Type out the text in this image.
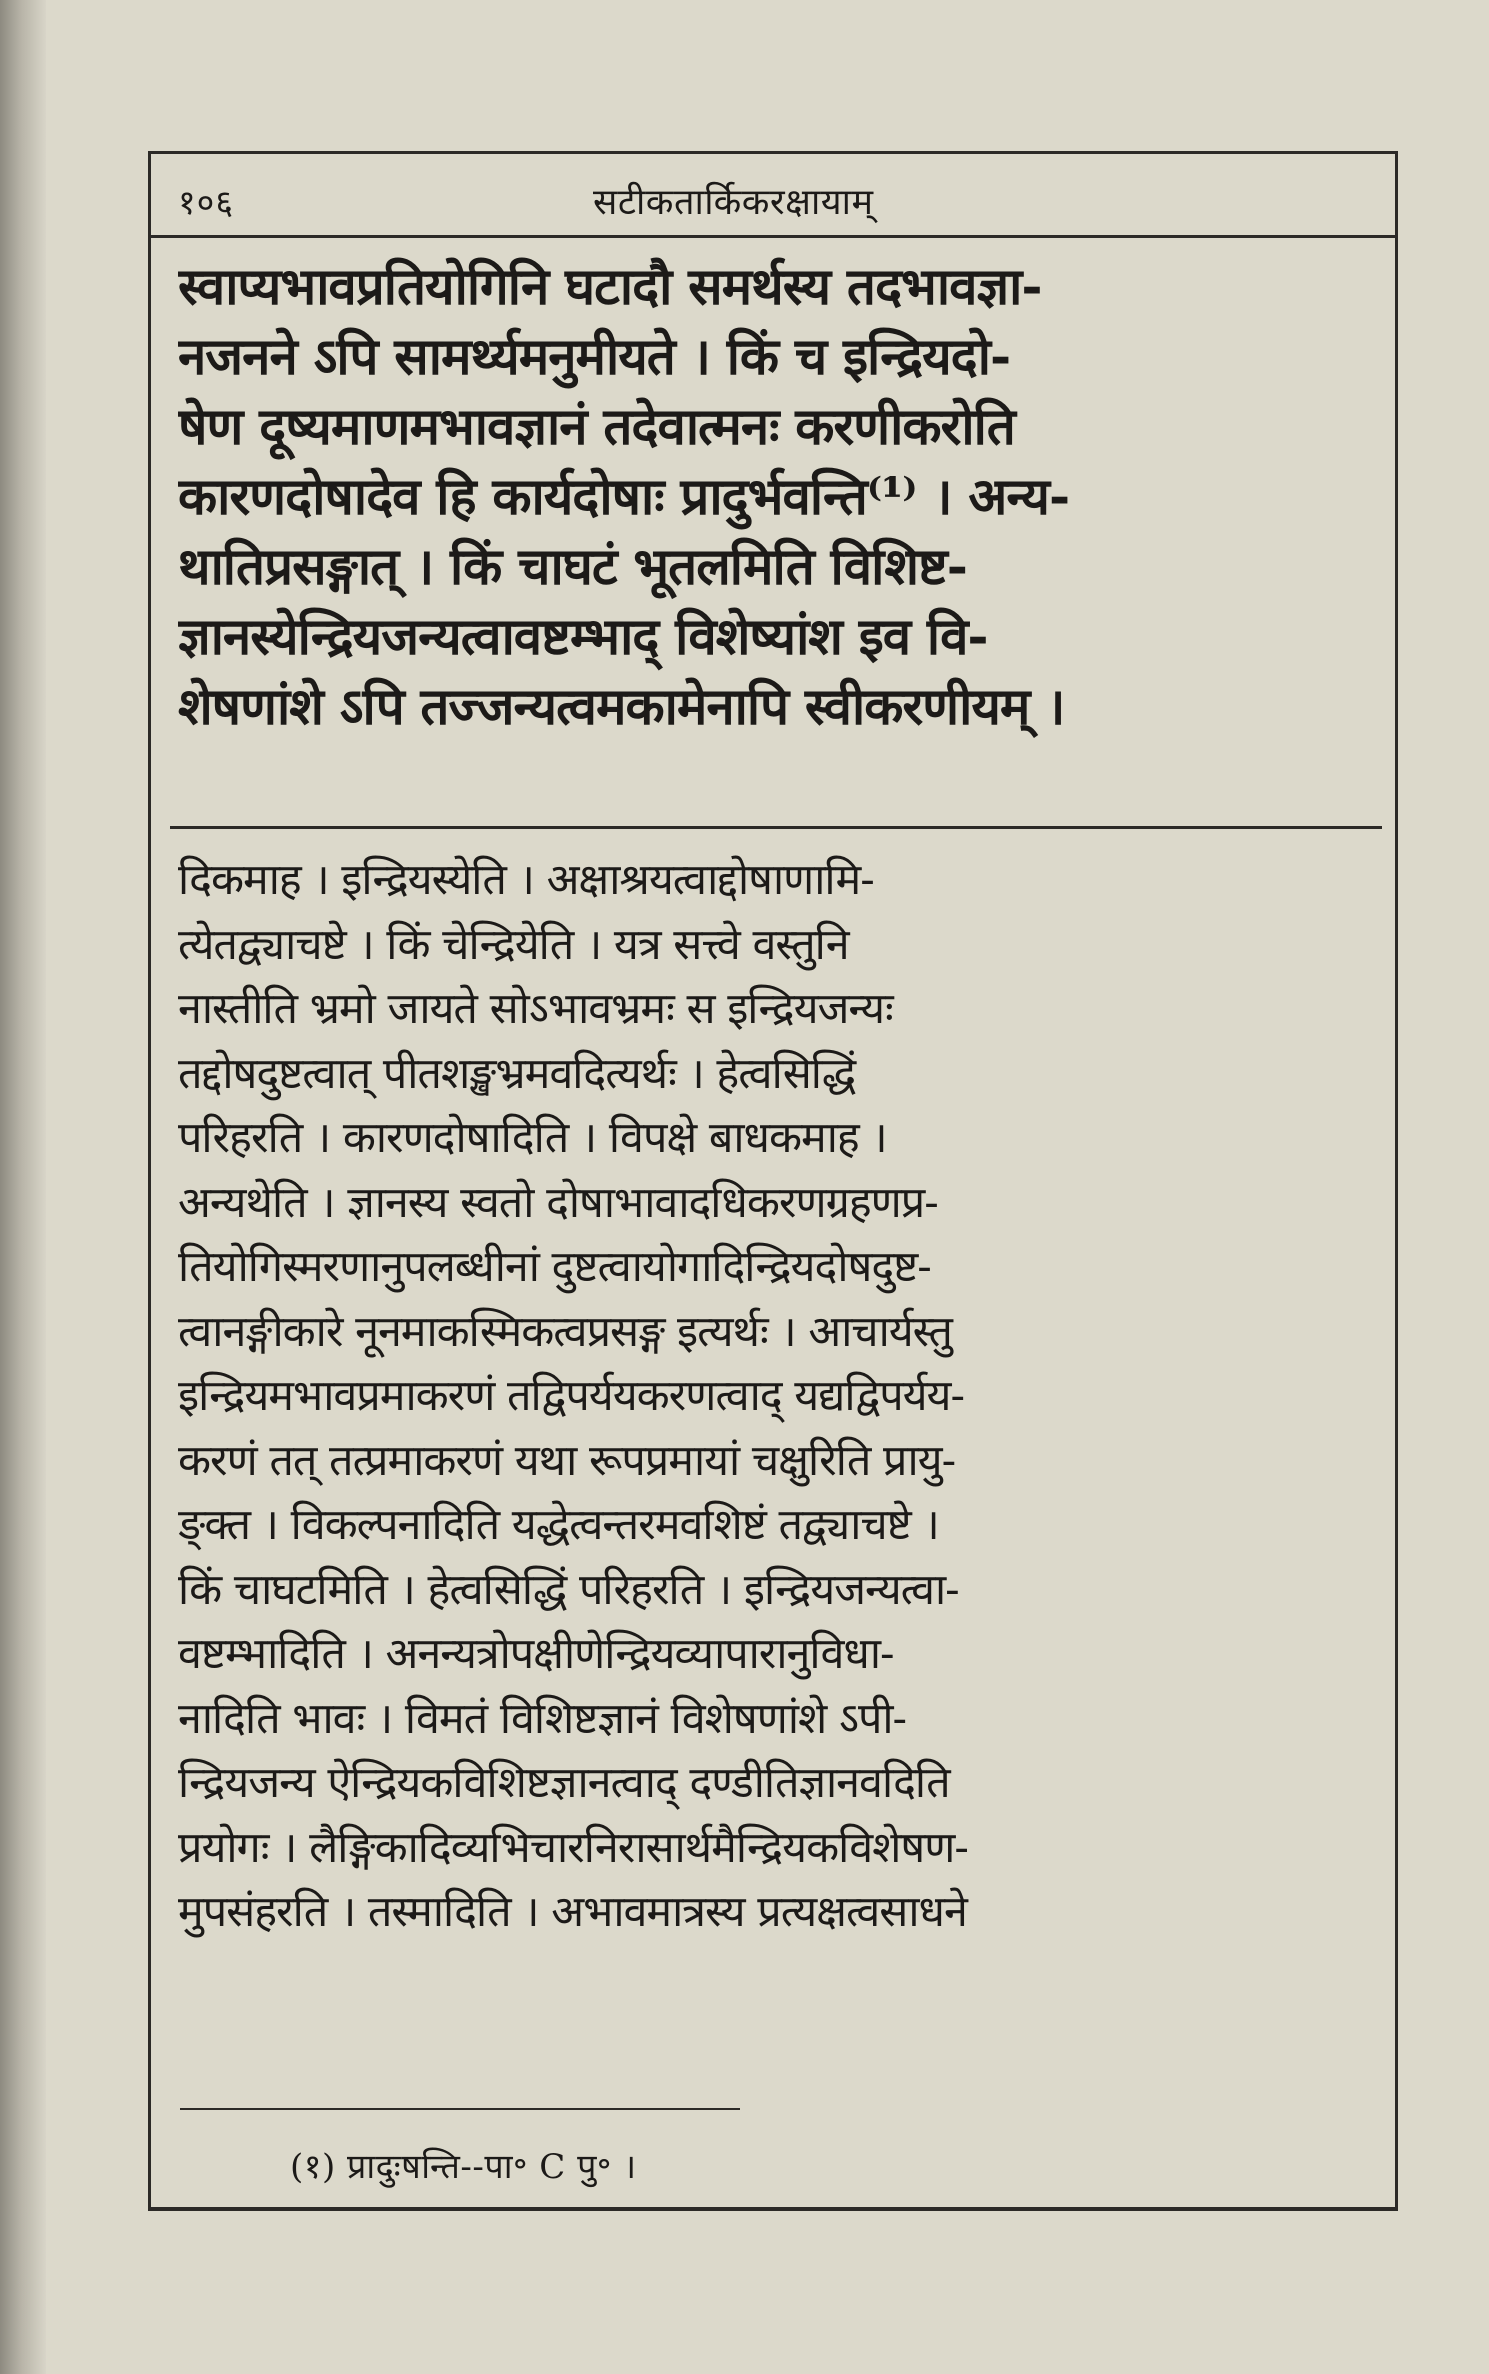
१०६	सटीकतार्किकरक्षायाम्
स्वाप्यभावप्रतियोगिनि घटादौ समर्थस्य तदभावज्ञा-
नजनने ऽपि सामर्थ्यमनुमीयते । किं च इन्द्रियदो-
षेण दूष्यमाणमभावज्ञानं तदेवात्मनः करणीकरोति
कारणदोषादेव हि कार्यदोषाः प्रादुर्भवन्ति⁽¹⁾ । अन्य-
थातिप्रसङ्गात् । किं चाघटं भूतलमिति विशिष्ट-
ज्ञानस्येन्द्रियजन्यत्वावष्टम्भाद् विशेष्यांश इव वि-
शेषणांशे ऽपि तज्जन्यत्वमकामेनापि स्वीकरणीयम् ।
दिकमाह । इन्द्रियस्येति । अक्षाश्रयत्वाद्दोषाणामि-
त्येतद्व्याचष्टे । किं चेन्द्रियेति । यत्र सत्त्वे वस्तुनि
नास्तीति भ्रमो जायते सोऽभावभ्रमः स इन्द्रियजन्यः
तद्दोषदुष्टत्वात् पीतशङ्खभ्रमवदित्यर्थः । हेत्वसिद्धिं
परिहरति । कारणदोषादिति । विपक्षे बाधकमाह ।
अन्यथेति । ज्ञानस्य स्वतो दोषाभावादधिकरणग्रहणप्र-
तियोगिस्मरणानुपलब्धीनां दुष्टत्वायोगादिन्द्रियदोषदुष्ट-
त्वानङ्गीकारे नूनमाकस्मिकत्वप्रसङ्ग इत्यर्थः । आचार्यस्तु
इन्द्रियमभावप्रमाकरणं तद्विपर्ययकरणत्वाद् यद्यद्विपर्यय-
करणं तत् तत्प्रमाकरणं यथा रूपप्रमायां चक्षुरिति प्रायु-
ङ्क्त । विकल्पनादिति यद्धेत्वन्तरमवशिष्टं तद्व्याचष्टे ।
किं चाघटमिति । हेत्वसिद्धिं परिहरति । इन्द्रियजन्यत्वा-
वष्टम्भादिति । अनन्यत्रोपक्षीणेन्द्रियव्यापारानुविधा-
नादिति भावः । विमतं विशिष्टज्ञानं विशेषणांशे ऽपी-
न्द्रियजन्य ऐन्द्रियकविशिष्टज्ञानत्वाद् दण्डीतिज्ञानवदिति
प्रयोगः । लैङ्गिकादिव्यभिचारनिरासार्थमैन्द्रियकविशेषण-
मुपसंहरति । तस्मादिति । अभावमात्रस्य प्रत्यक्षत्वसाधने
(१) प्रादुःषन्ति--पा॰ C पु॰ ।
